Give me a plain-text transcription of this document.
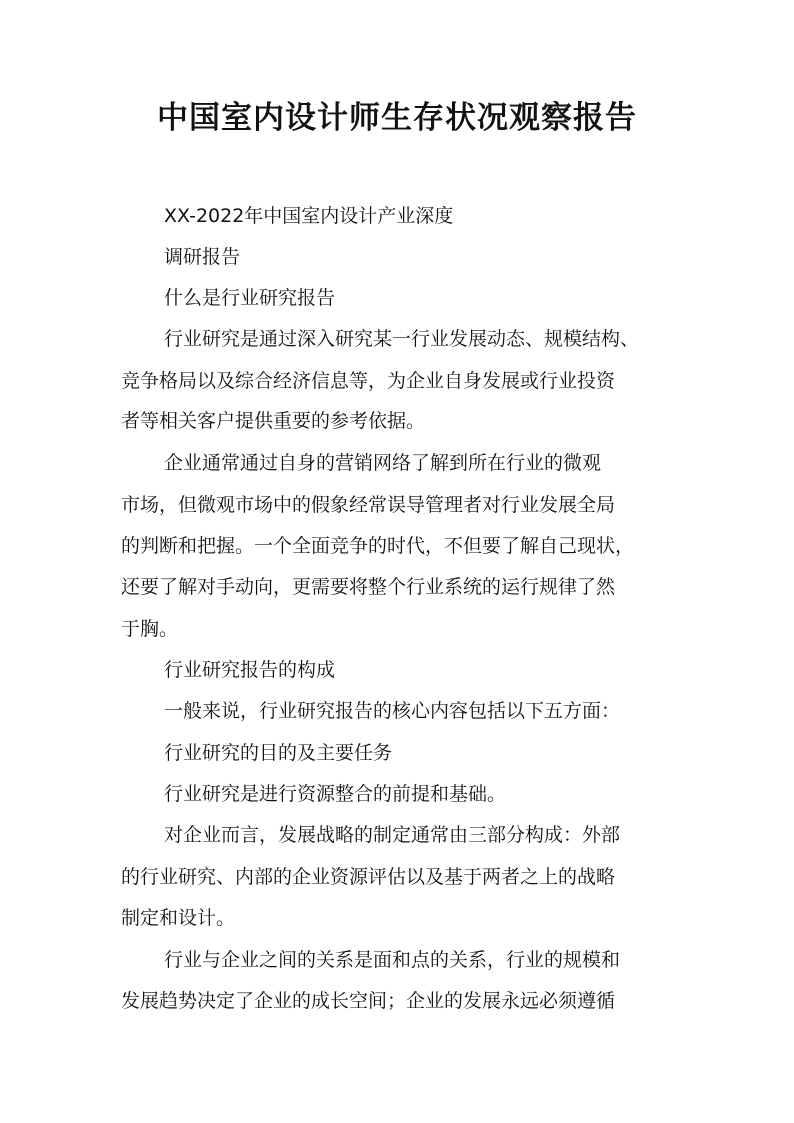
中国室内设计师生存状况观察报告
XX-2022年中国室内设计产业深度
调研报告
什么是行业研究报告
行业研究是通过深入研究某一行业发展动态、规模结构、
竞争格局以及综合经济信息等，为企业自身发展或行业投资
者等相关客户提供重要的参考依据。
企业通常通过自身的营销网络了解到所在行业的微观
市场，但微观市场中的假象经常误导管理者对行业发展全局
的判断和把握。一个全面竞争的时代，不但要了解自己现状，
还要了解对手动向，更需要将整个行业系统的运行规律了然
于胸。
行业研究报告的构成
一般来说，行业研究报告的核心内容包括以下五方面：
行业研究的目的及主要任务
行业研究是进行资源整合的前提和基础。
对企业而言，发展战略的制定通常由三部分构成：外部
的行业研究、内部的企业资源评估以及基于两者之上的战略
制定和设计。
行业与企业之间的关系是面和点的关系，行业的规模和
发展趋势决定了企业的成长空间；企业的发展永远必须遵循
